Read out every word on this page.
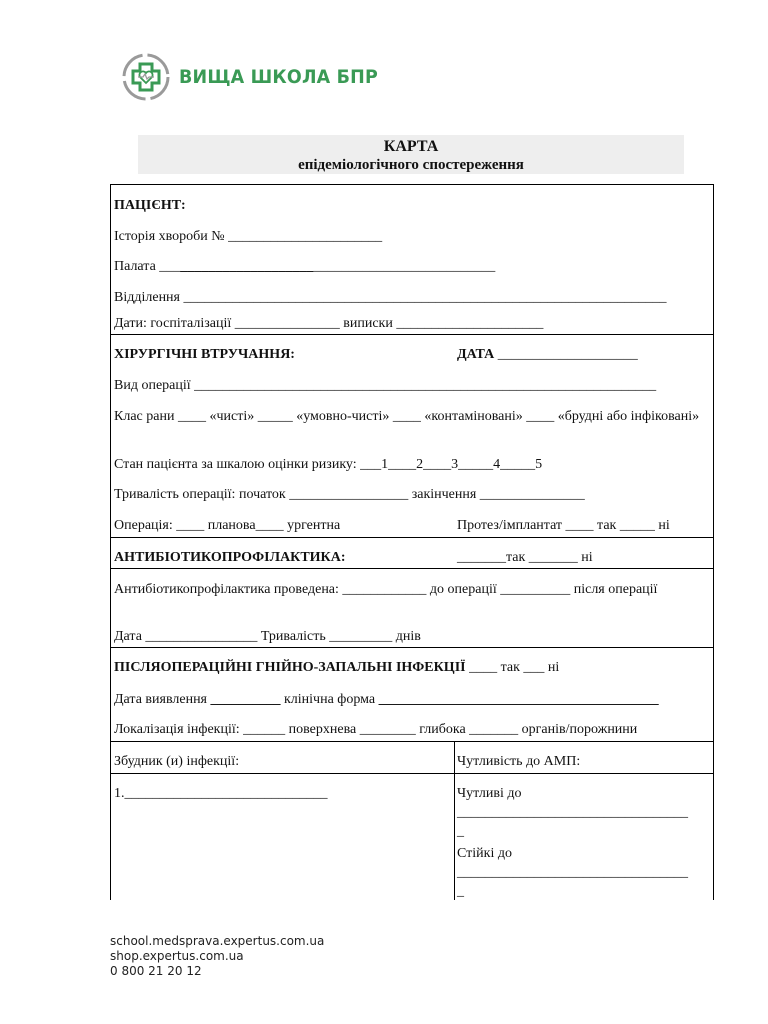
ВИЩА ШКОЛА БПР
КАРТА
епідеміологічного спостереження
ПАЦІЄНТ:
Історія хвороби № ______________________
Палата ________________________________________________
Відділення _____________________________________________________________________
Дати: госпіталізації _______________ виписки _____________________
ХІРУРГІЧНІ ВТРУЧАННЯ:	ДАТА ____________________
Вид операції __________________________________________________________________
Клас рани ____ «чисті» _____ «умовно-чисті» ____ «контаміновані» ____ «брудні або інфіковані»
Стан пацієнта за шкалою оцінки ризику: ___1____2____3_____4_____5
Тривалість операції: початок _________________ закінчення _______________
Операція: ____ планова____ ургентна	Протез/імплантат ____ так _____ ні
АНТИБІОТИКОПРОФІЛАКТИКА:	_______так _______ ні
Антибіотикопрофілактика проведена: ____________ до операції __________ після операції
Дата ________________ Тривалість _________ днів
ПІСЛЯОПЕРАЦІЙНІ ГНІЙНО-ЗАПАЛЬНІ ІНФЕКЦІЇ ____ так ___ ні
Дата виявлення __________ клінічна форма ________________________________________
Локалізація інфекції: ______ поверхнева ________ глибока _______ органів/порожнини
Збудник (и) інфекції:	Чутливість до АМП:
1._____________________________	Чутливі до
_________________________________
_
Стійкі до
_________________________________
_
school.medsprava.expertus.com.ua
shop.expertus.com.ua
0 800 21 20 12
